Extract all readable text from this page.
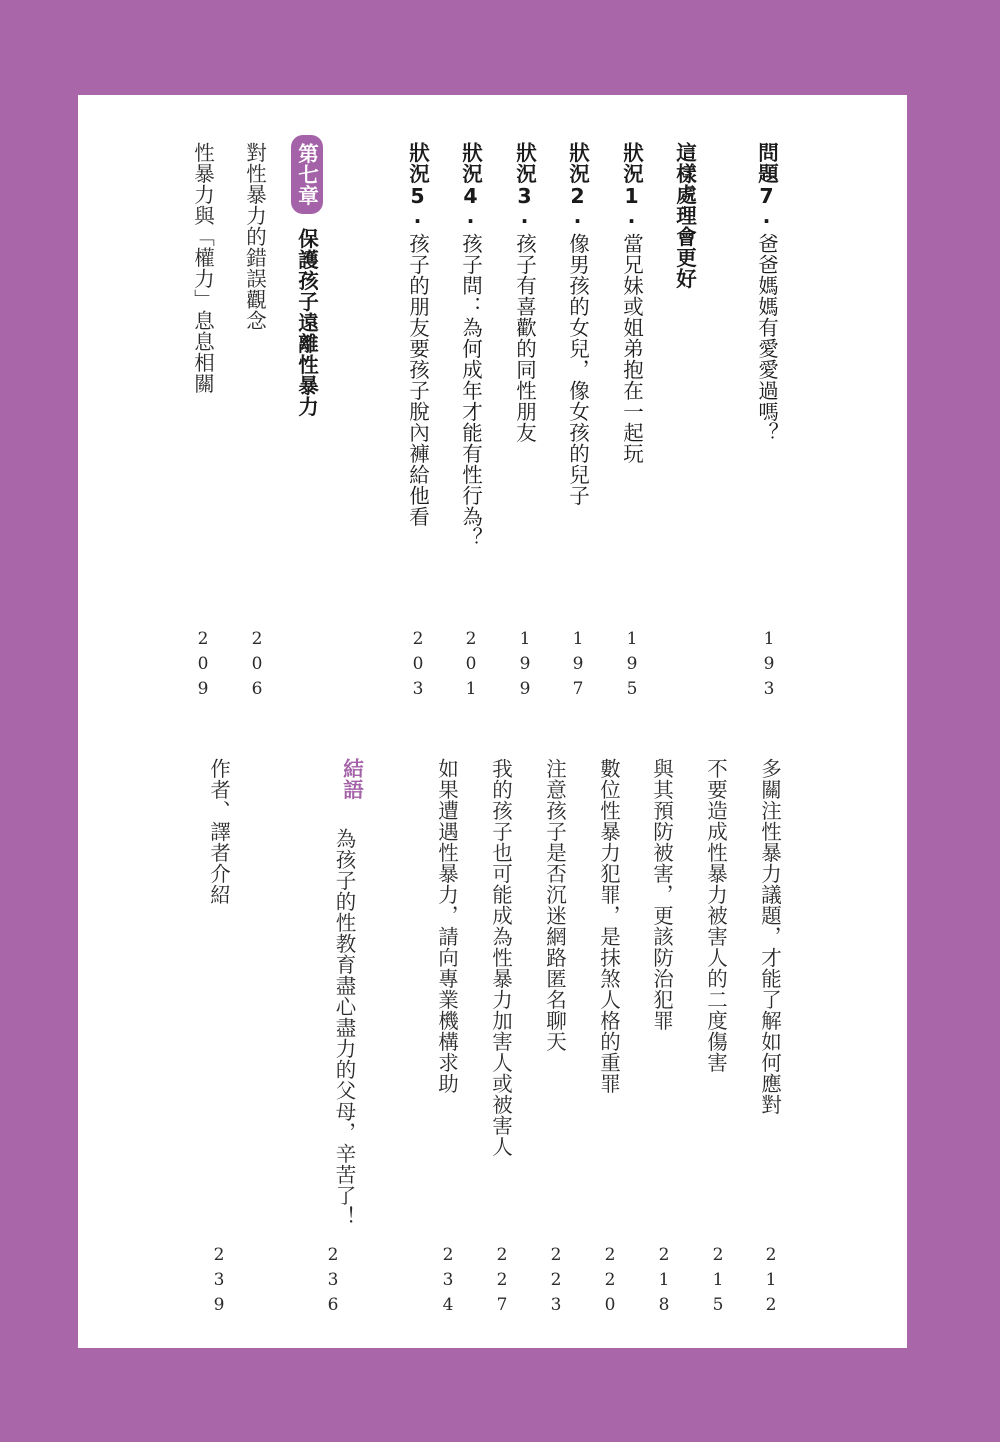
問題7·爸爸媽媽有愛愛過嗎？
193
這樣處理會更好
狀況1·當兄妹或姐弟抱在一起玩
195
狀況2·像男孩的女兒，像女孩的兒子
197
狀況3·孩子有喜歡的同性朋友
199
狀況4·孩子問：為何成年才能有性行為？
201
狀況5·孩子的朋友要孩子脫內褲給他看
203
第七章保護孩子遠離性暴力
對性暴力的錯誤觀念
206
性暴力與「權力」息息相關
209
多關注性暴力議題，才能了解如何應對
212
不要造成性暴力被害人的二度傷害
215
與其預防被害，更該防治犯罪
218
數位性暴力犯罪，是抹煞人格的重罪
220
注意孩子是否沉迷網路匿名聊天
223
我的孩子也可能成為性暴力加害人或被害人
227
如果遭遇性暴力，請向專業機構求助
234
結語
為孩子的性教育盡心盡力的父母，辛苦了！
236
作者、譯者介紹
239
